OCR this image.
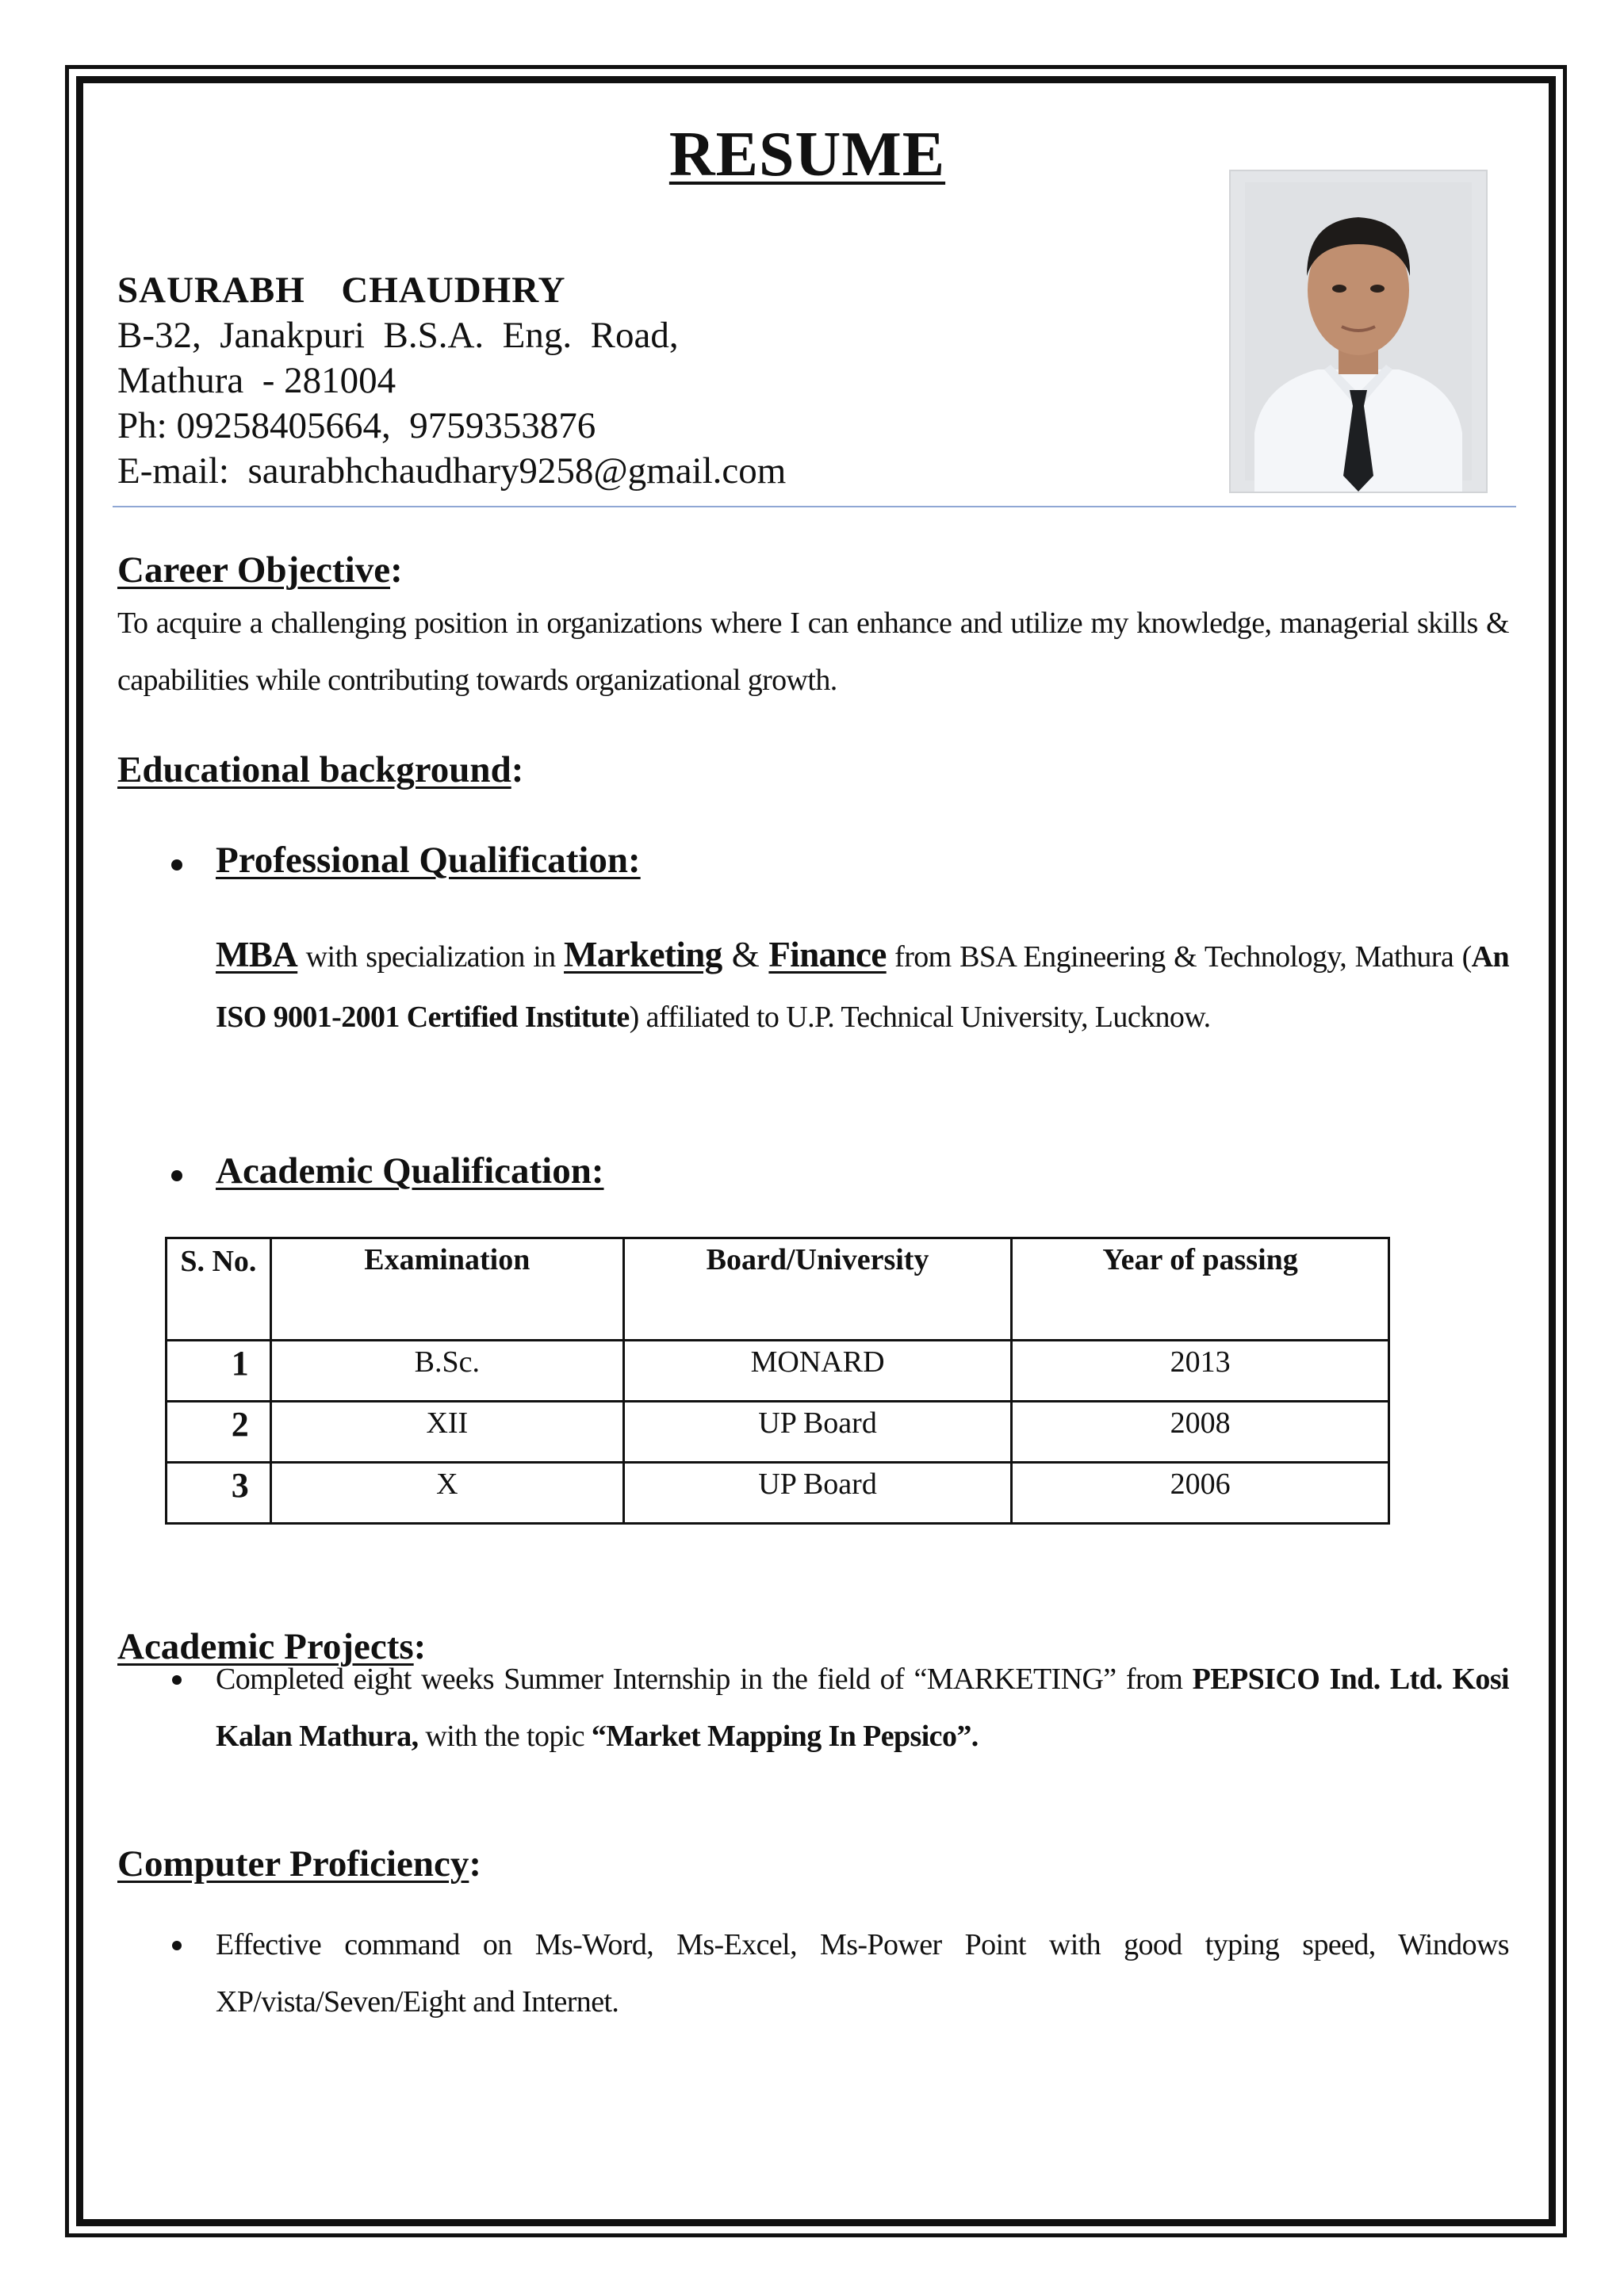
RESUME
SAURABH  CHAUDHRY
B-32,  Janakpuri  B.S.A.  Eng.  Road,
Mathura  - 281004
Ph: 09258405664,  9759353876
E-mail:  saurabhchaudhary9258@gmail.com
Career Objective:
To acquire a challenging position in organizations where I can enhance and utilize my knowledge, managerial skills & capabilities while contributing towards organizational growth.
Educational background:
Professional Qualification:
MBA with specialization in Marketing & Finance from BSA Engineering & Technology, Mathura (An ISO 9001-2001 Certified Institute) affiliated to U.P. Technical University, Lucknow.
Academic Qualification:
S. No.	Examination	Board/University	Year of passing
1	B.Sc.	MONARD	2013
2	XII	UP Board	2008
3	X	UP Board	2006
Academic Projects:
Completed eight weeks Summer Internship in the field of “MARKETING” from PEPSICO Ind. Ltd. Kosi Kalan Mathura, with the topic “Market Mapping In Pepsico”.
Computer Proficiency:
Effective command on Ms-Word, Ms-Excel, Ms-Power Point with good typing speed, Windows XP/vista/Seven/Eight and Internet.
